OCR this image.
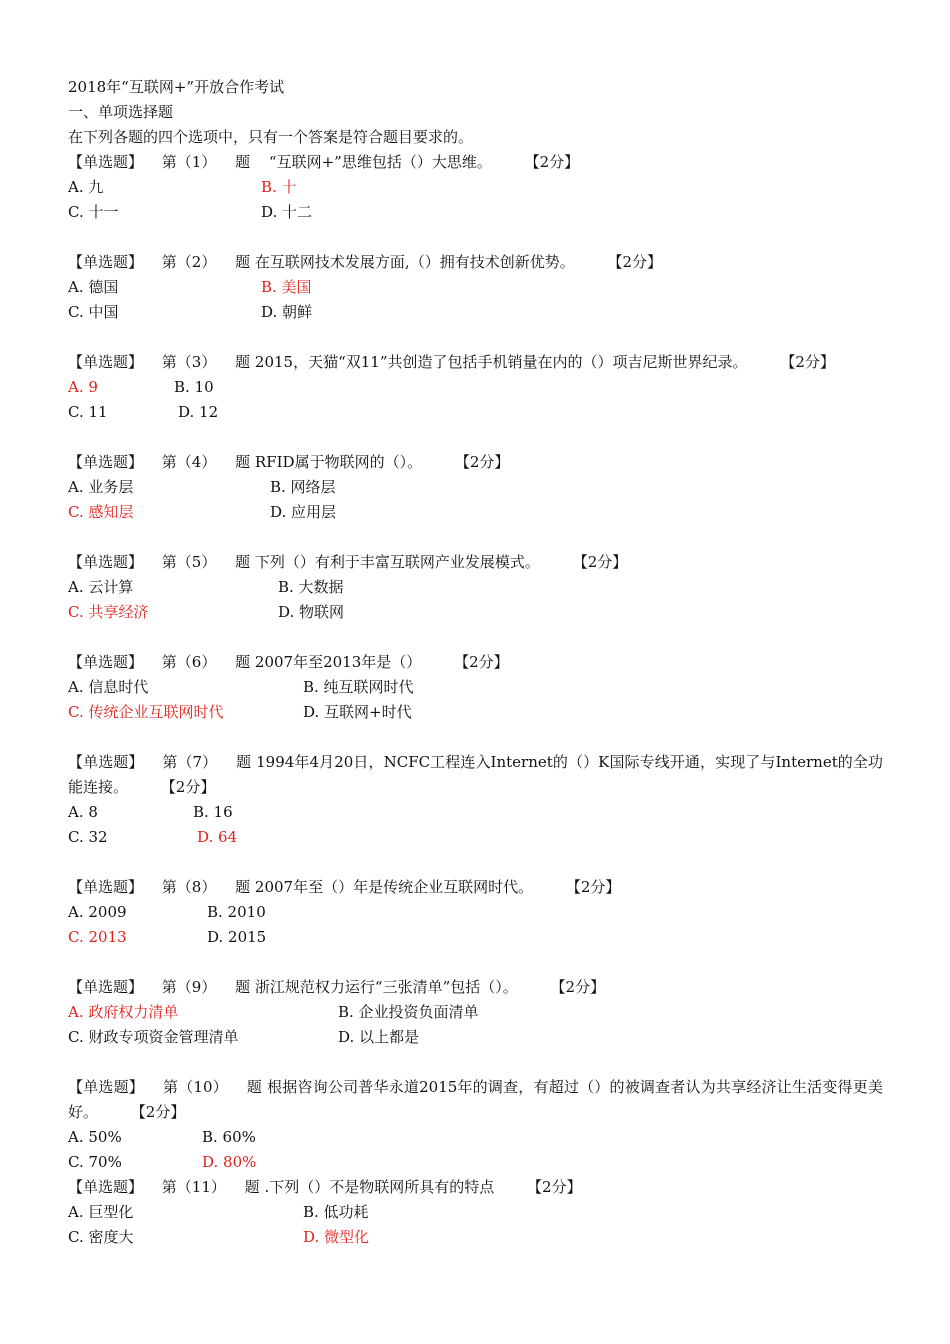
2018年“互联网+”开放合作考试
一、单项选择题
在下列各题的四个选项中，只有一个答案是符合题目要求的。
【单选题】 第（1） 题 “互联网+”思维包括（）大思维。 【2分】
A. 九	B. 十
C. 十一	D. 十二
【单选题】 第（2） 题 在互联网技术发展方面,（）拥有技术创新优势。 【2分】
A. 德国	B. 美国
C. 中国	D. 朝鲜
【单选题】 第（3） 题 2015，天猫“双11”共创造了包括手机销量在内的（）项吉尼斯世界纪录。 【2分】
A. 9	B. 10
C. 11	D. 12
【单选题】 第（4） 题 RFID属于物联网的（）。 【2分】
A. 业务层	B. 网络层
C. 感知层	D. 应用层
【单选题】 第（5） 题 下列（）有利于丰富互联网产业发展模式。 【2分】
A. 云计算	B. 大数据
C. 共享经济	D. 物联网
【单选题】 第（6） 题 2007年至2013年是（） 【2分】
A. 信息时代	B. 纯互联网时代
C. 传统企业互联网时代	D. 互联网+时代
【单选题】 第（7） 题 1994年4月20日，NCFC工程连入Internet的（）K国际专线开通，实现了与Internet的全功能连接。 【2分】
A. 8	B. 16
C. 32	D. 64
【单选题】 第（8） 题 2007年至（）年是传统企业互联网时代。 【2分】
A. 2009	B. 2010
C. 2013	D. 2015
【单选题】 第（9） 题 浙江规范权力运行“三张清单”包括（）。 【2分】
A. 政府权力清单	B. 企业投资负面清单
C. 财政专项资金管理清单	D. 以上都是
【单选题】 第（10） 题 根据咨询公司普华永道2015年的调查，有超过（）的被调查者认为共享经济让生活变得更美好。 【2分】
A. 50%	B. 60%
C. 70%	D. 80%
【单选题】 第（11） 题 .下列（）不是物联网所具有的特点 【2分】
A. 巨型化	B. 低功耗
C. 密度大	D. 微型化
